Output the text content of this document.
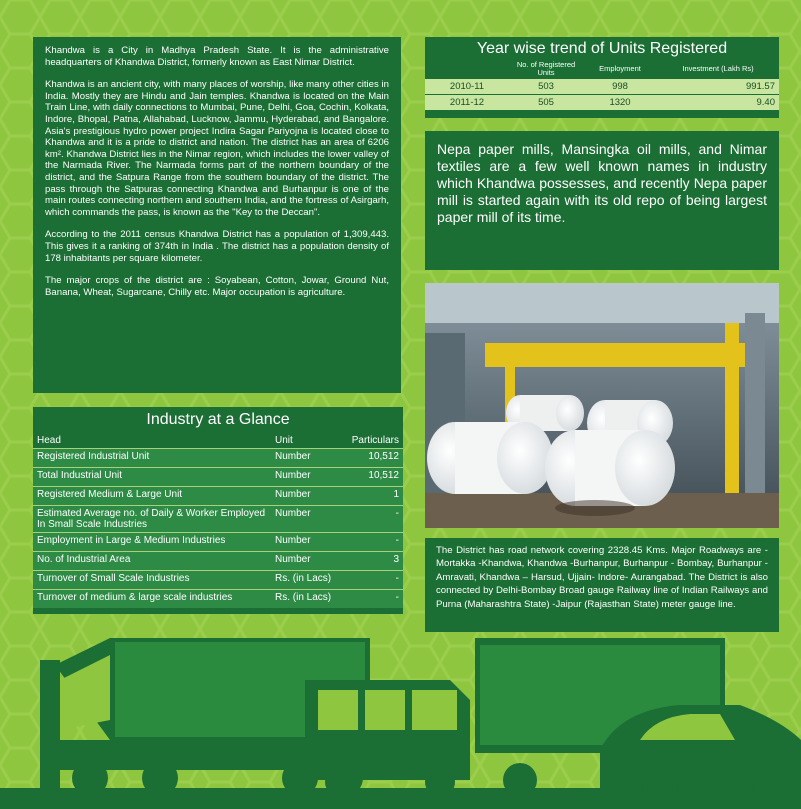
Khandwa is a City in Madhya Pradesh State. It is the administrative headquarters of Khandwa District, formerly known as East Nimar District.

Khandwa is an ancient city, with many places of worship, like many other cities in India. Mostly they are Hindu and Jain temples. Khandwa is located on the Main Train Line, with daily connections to Mumbai, Pune, Delhi, Goa, Cochin, Kolkata, Indore, Bhopal, Patna, Allahabad, Lucknow, Jammu, Hyderabad, and Bangalore. Asia's prestigious hydro power project Indira Sagar Pariyojna is located close to Khandwa and it is a pride to district and nation. The district has an area of 6206 km². Khandwa District lies in the Nimar region, which includes the lower valley of the Narmada River. The Narmada forms part of the northern boundary of the district, and the Satpura Range from the southern boundary of the district. The pass through the Satpuras connecting Khandwa and Burhanpur is one of the main routes connecting northern and southern India, and the fortress of Asirgarh, which commands the pass, is known as the "Key to the Deccan".

According to the 2011 census Khandwa District has a population of 1,309,443. This gives it a ranking of 374th in India . The district has a population density of 178 inhabitants per square kilometer.

The major crops of the district are : Soyabean, Cotton, Jowar, Ground Nut, Banana, Wheat, Sugarcane, Chilly etc. Major occupation is agriculture.

Industry at a Glance
Head	Unit	Particulars
Registered Industrial Unit	Number	10,512
Total Industrial Unit	Number	10,512
Registered Medium & Large Unit	Number	1
Estimated Average no. of Daily & Worker Employed In Small Scale Industries	Number	-
Employment in Large & Medium Industries	Number	-
No. of Industrial Area	Number	3
Turnover of Small Scale Industries	Rs. (in Lacs)	-
Turnover of medium & large scale industries	Rs. (in Lacs)	-
Year wise trend of Units Registered
	No. of Registered Units	Employment	Investment (Lakh Rs)
2010-11	503	998	991.57
2011-12	505	1320	9.40
Nepa paper mills, Mansingka oil mills, and Nimar textiles are a few well known names in industry which Khandwa possesses, and recently Nepa paper mill is started again with its old repo of being largest paper mill of its time.
The District has road network covering 2328.45 Kms. Major Roadways are -Mortakka -Khandwa, Khandwa -Burhanpur, Burhanpur - Bombay, Burhanpur - Amravati, Khandwa – Harsud, Ujjain- Indore- Aurangabad. The District is also connected by Delhi-Bombay Broad gauge Railway line of Indian Railways and Purna (Maharashtra State) -Jaipur (Rajasthan State) meter gauge line.
